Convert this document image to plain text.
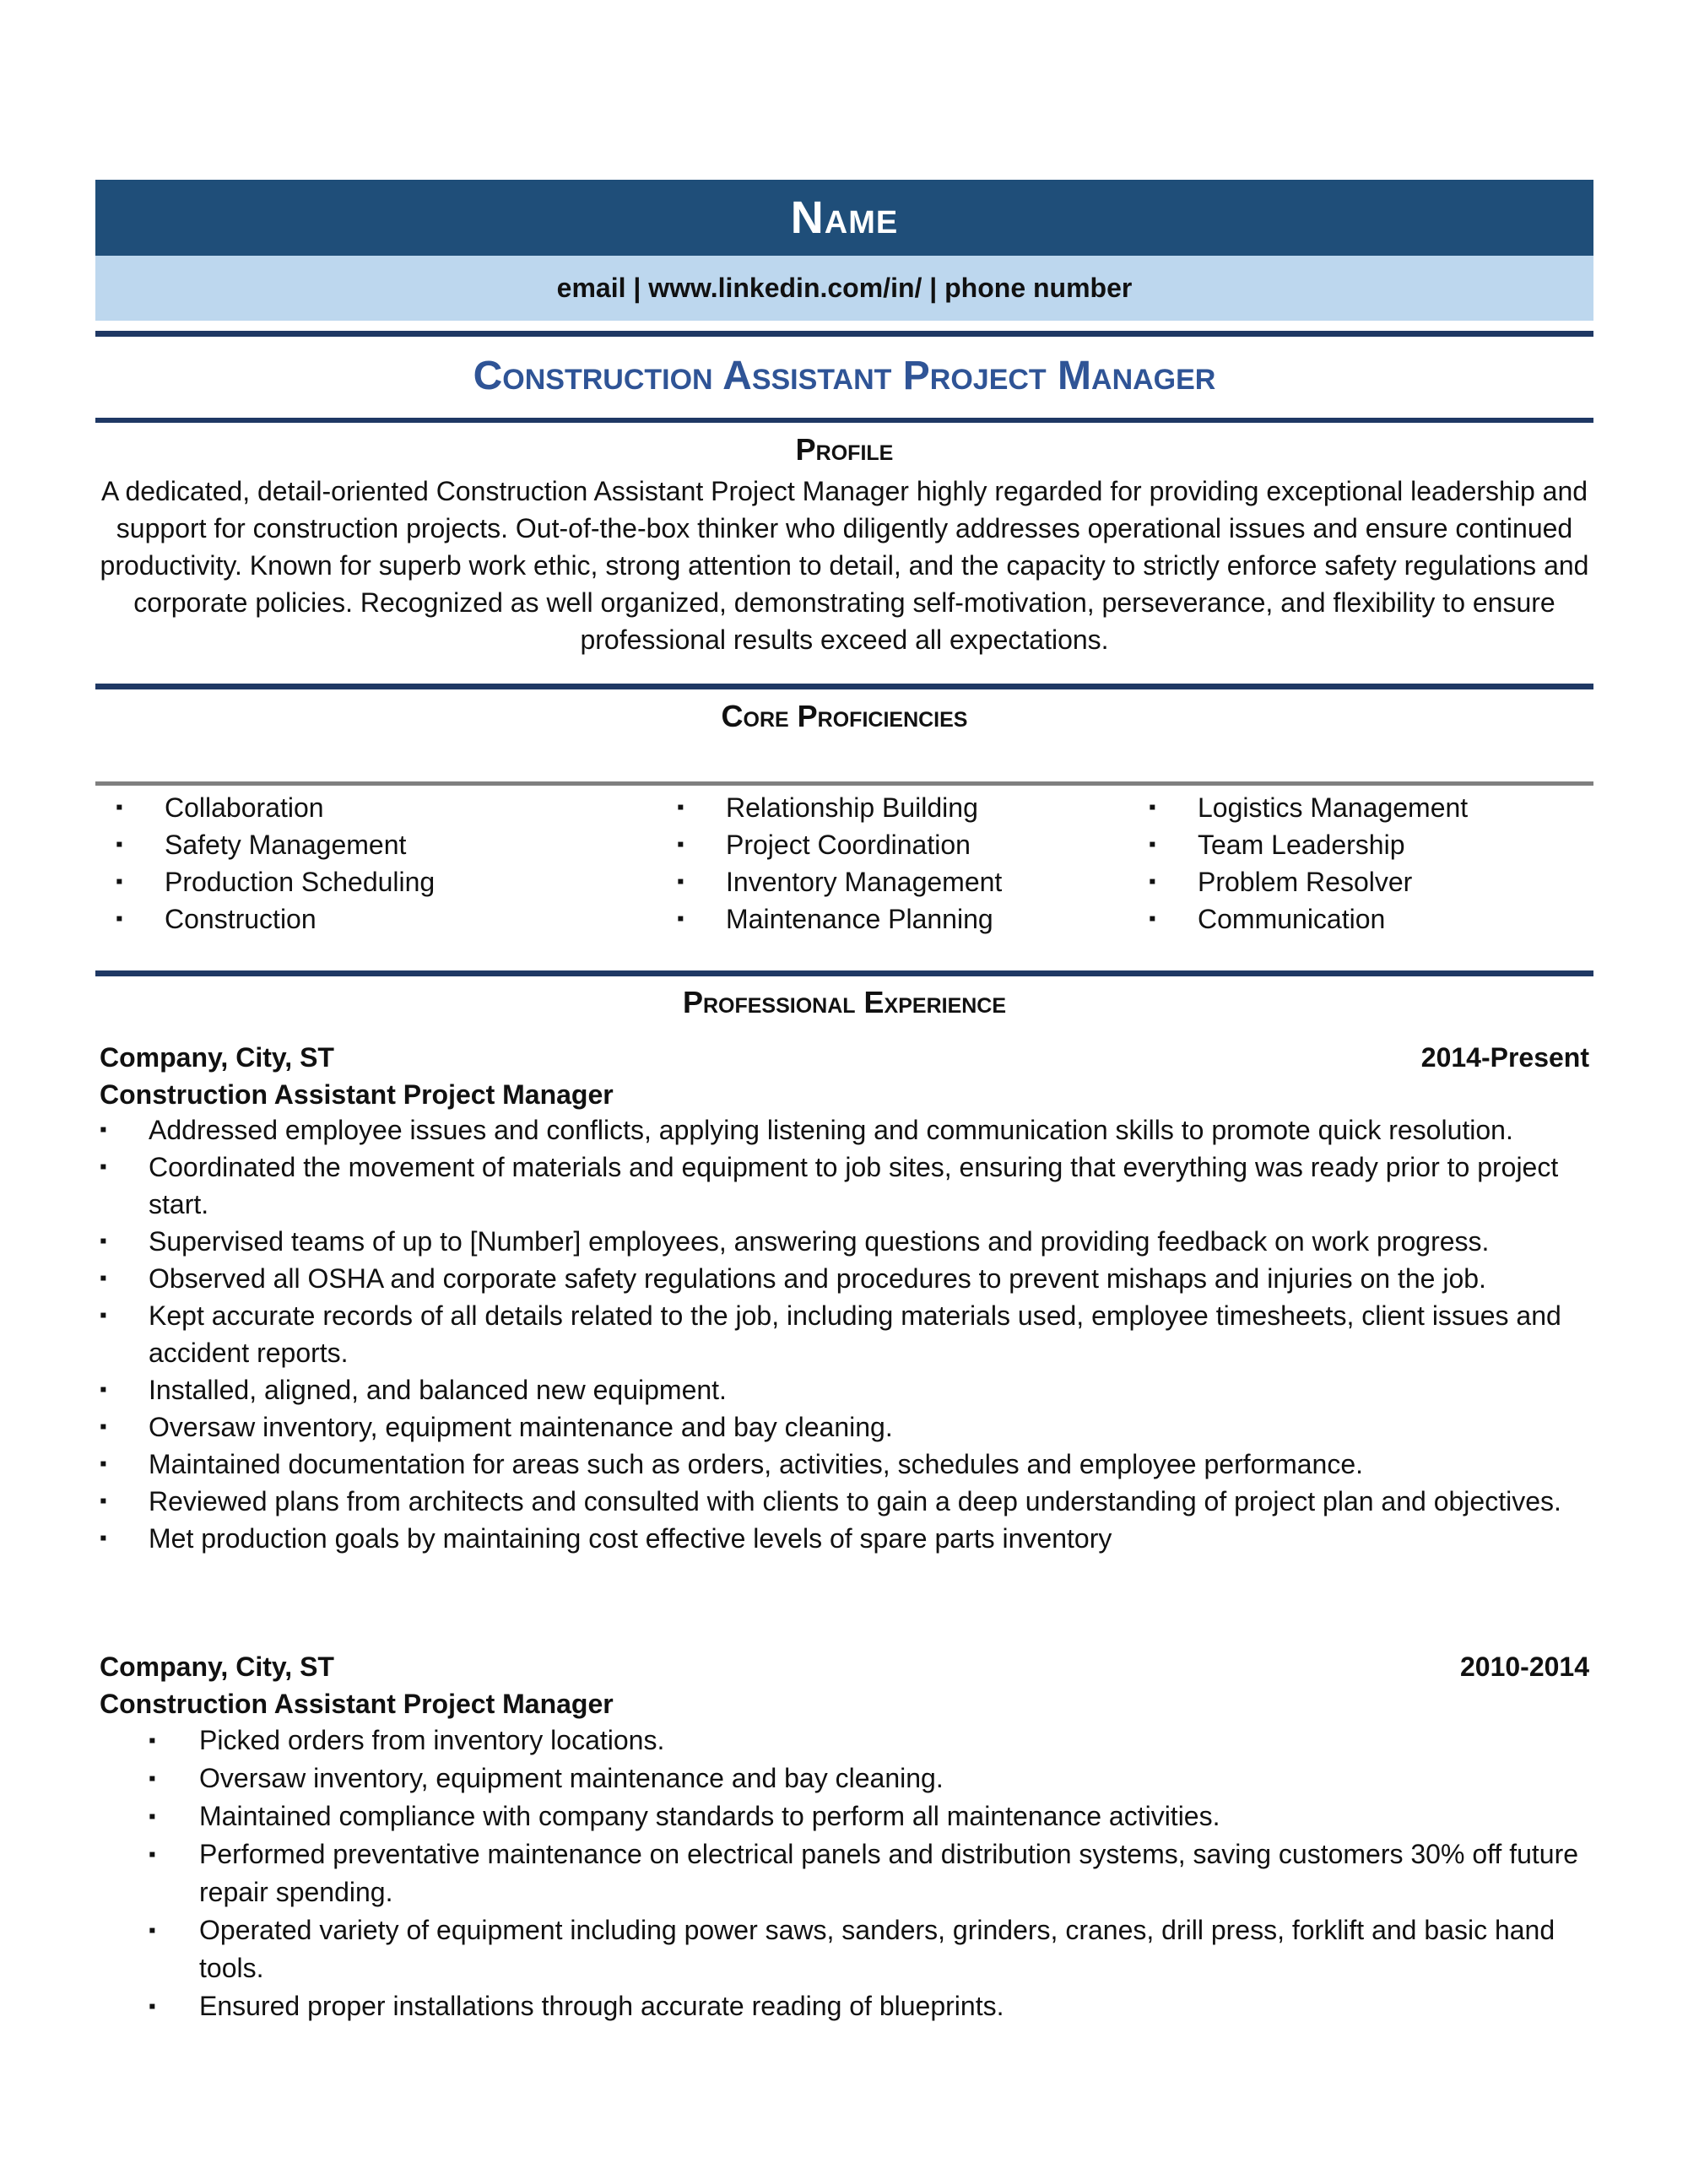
Name
email | www.linkedin.com/in/ | phone number
Construction Assistant Project Manager
Profile
A dedicated, detail-oriented Construction Assistant Project Manager highly regarded for providing exceptional leadership and support for construction projects. Out-of-the-box thinker who diligently addresses operational issues and ensure continued productivity. Known for superb work ethic, strong attention to detail, and the capacity to strictly enforce safety regulations and corporate policies. Recognized as well organized, demonstrating self-motivation, perseverance, and flexibility to ensure professional results exceed all expectations.
Core Proficiencies
▪ Collaboration
▪ Safety Management
▪ Production Scheduling
▪ Construction
▪ Relationship Building
▪ Project Coordination
▪ Inventory Management
▪ Maintenance Planning
▪ Logistics Management
▪ Team Leadership
▪ Problem Resolver
▪ Communication
Professional Experience
Company, City, ST	2014-Present
Construction Assistant Project Manager
▪ Addressed employee issues and conflicts, applying listening and communication skills to promote quick resolution.
▪ Coordinated the movement of materials and equipment to job sites, ensuring that everything was ready prior to project start.
▪ Supervised teams of up to [Number] employees, answering questions and providing feedback on work progress.
▪ Observed all OSHA and corporate safety regulations and procedures to prevent mishaps and injuries on the job.
▪ Kept accurate records of all details related to the job, including materials used, employee timesheets, client issues and accident reports.
▪ Installed, aligned, and balanced new equipment.
▪ Oversaw inventory, equipment maintenance and bay cleaning.
▪ Maintained documentation for areas such as orders, activities, schedules and employee performance.
▪ Reviewed plans from architects and consulted with clients to gain a deep understanding of project plan and objectives.
▪ Met production goals by maintaining cost effective levels of spare parts inventory
Company, City, ST	2010-2014
Construction Assistant Project Manager
▪ Picked orders from inventory locations.
▪ Oversaw inventory, equipment maintenance and bay cleaning.
▪ Maintained compliance with company standards to perform all maintenance activities.
▪ Performed preventative maintenance on electrical panels and distribution systems, saving customers 30% off future repair spending.
▪ Operated variety of equipment including power saws, sanders, grinders, cranes, drill press, forklift and basic hand tools.
▪ Ensured proper installations through accurate reading of blueprints.
